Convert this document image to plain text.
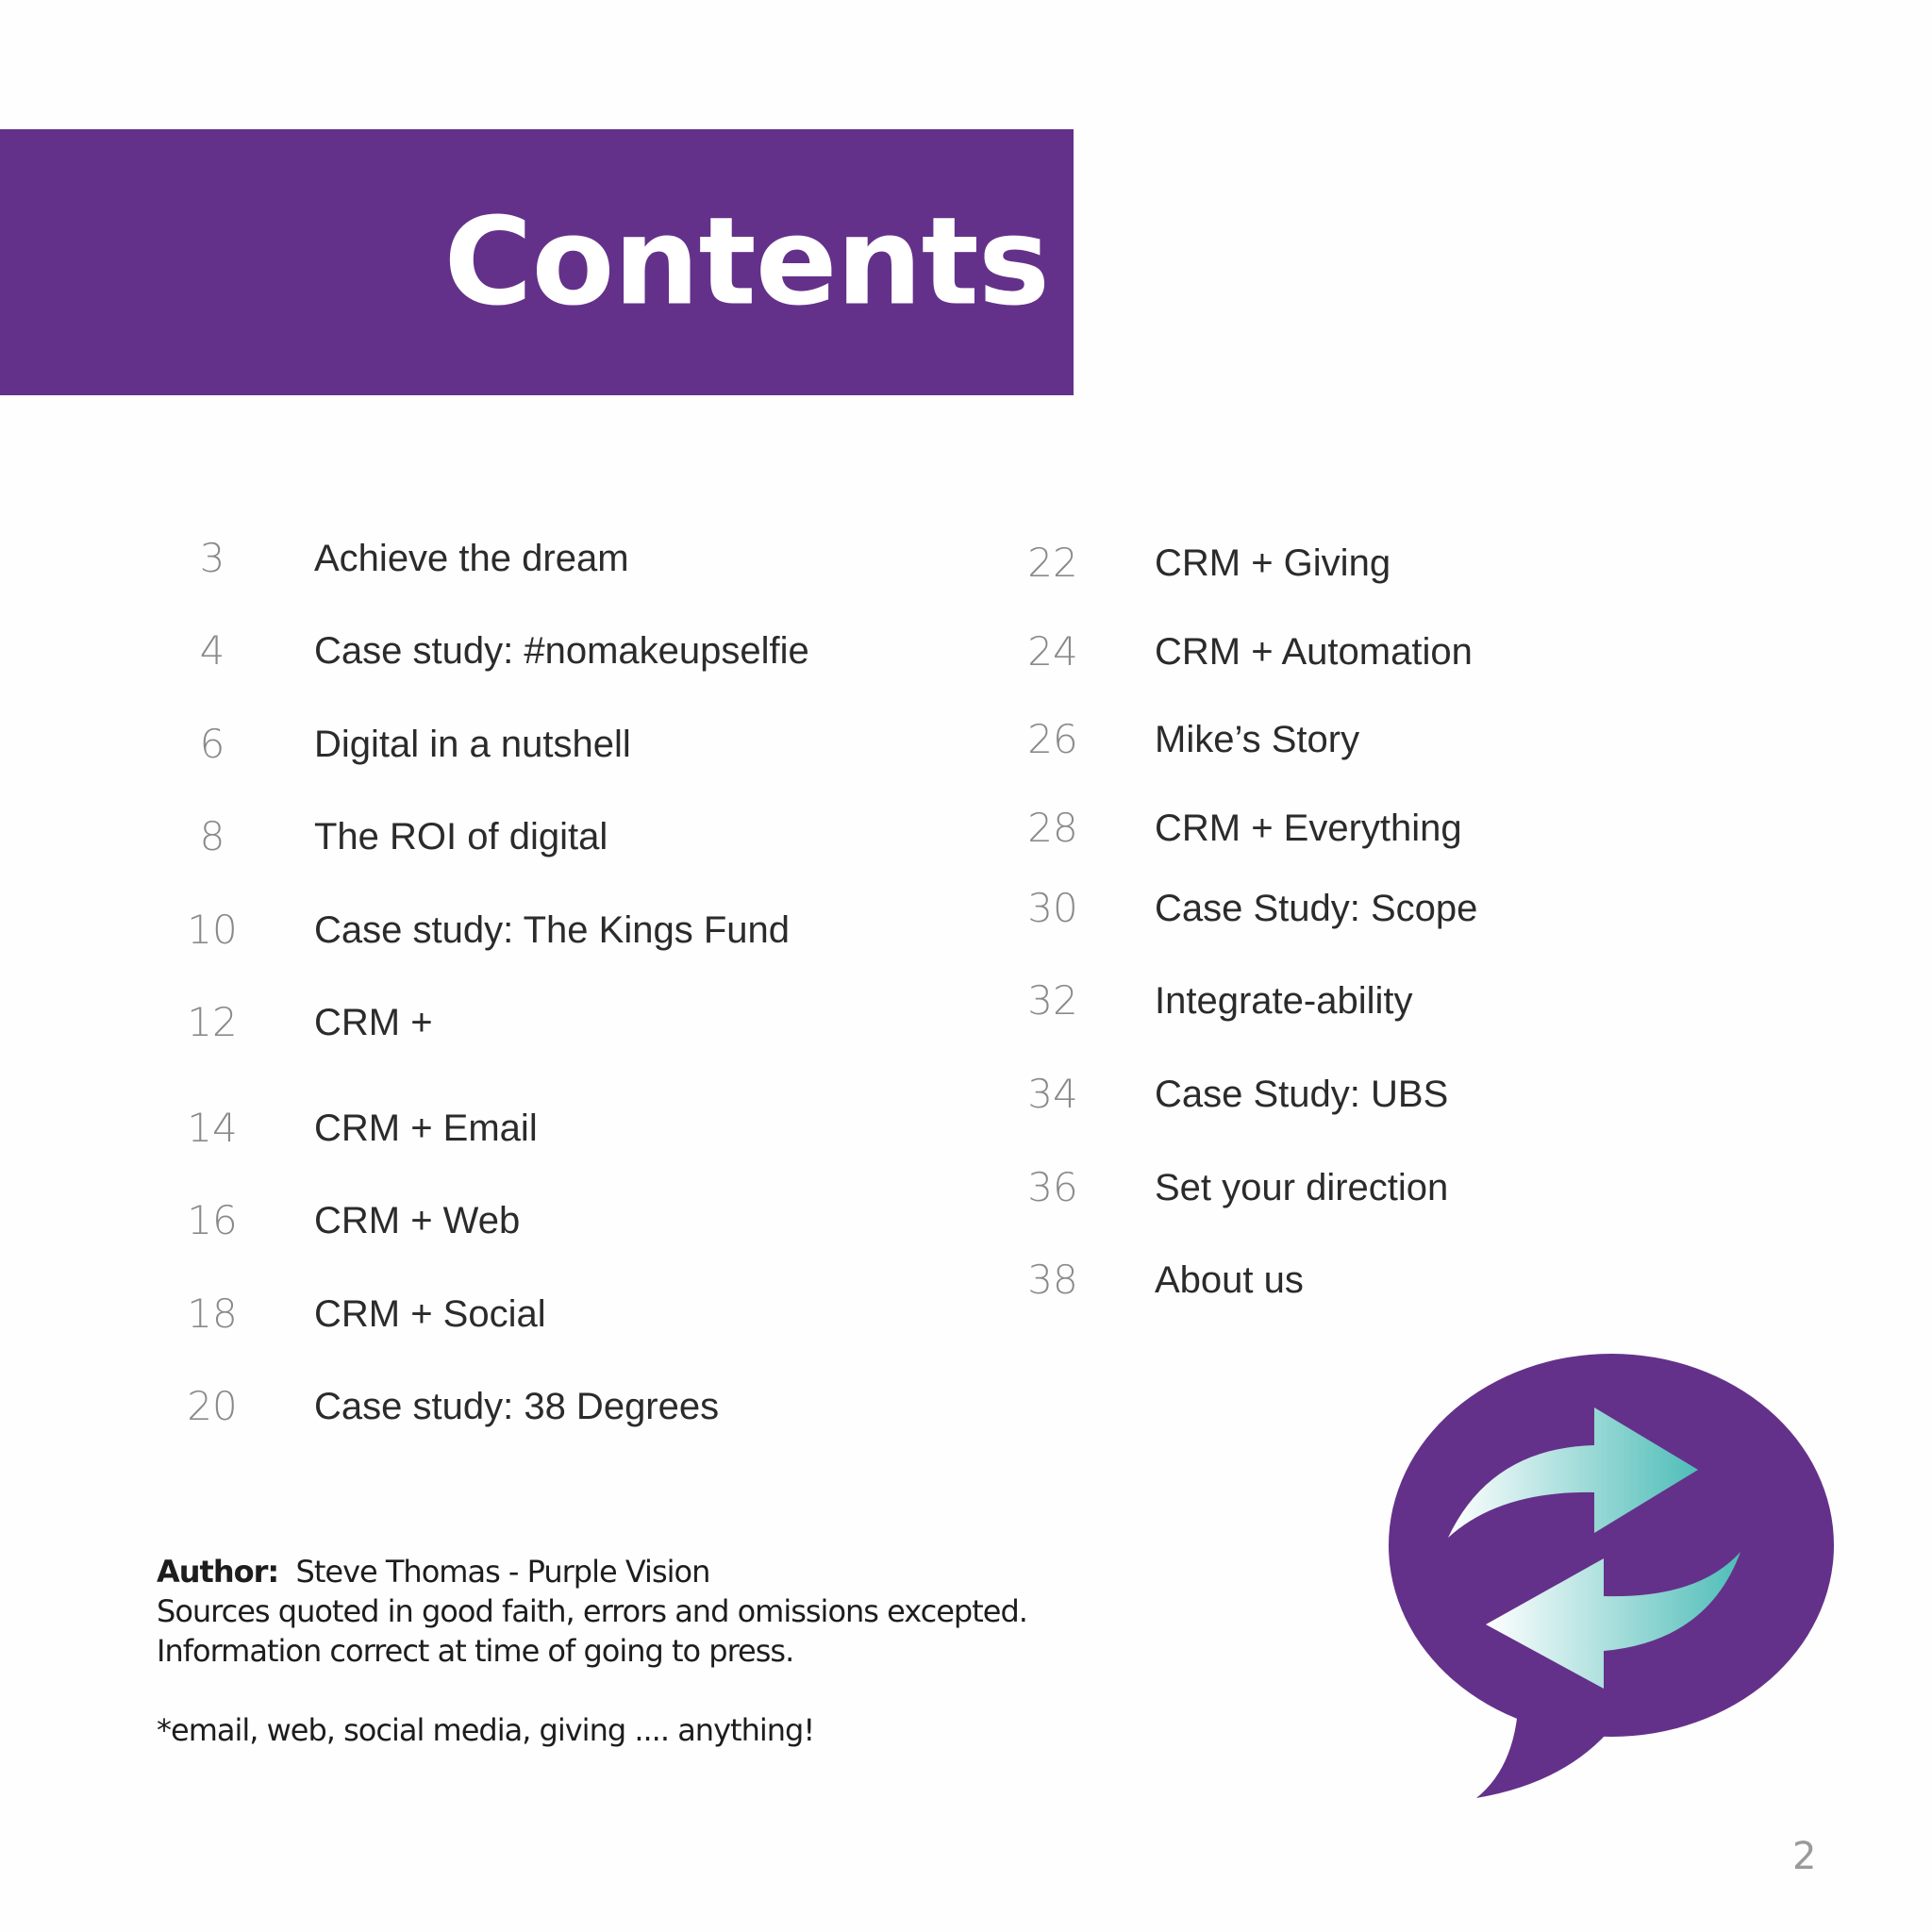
Contents
3	Achieve the dream
4	Case study: #nomakeupselfie
6	Digital in a nutshell
8	The ROI of digital
10	Case study: The Kings Fund
12	CRM +
14	CRM + Email
16	CRM + Web
18	CRM + Social
20	Case study: 38 Degrees
22	CRM + Giving
24	CRM + Automation
26	Mike’s Story
28	CRM + Everything
30	Case Study: Scope
32	Integrate-ability
34	Case Study: UBS
36	Set your direction
38	About us
Author: Steve Thomas - Purple Vision
Sources quoted in good faith, errors and omissions excepted.
Information correct at time of going to press.
*email, web, social media, giving .... anything!
2
